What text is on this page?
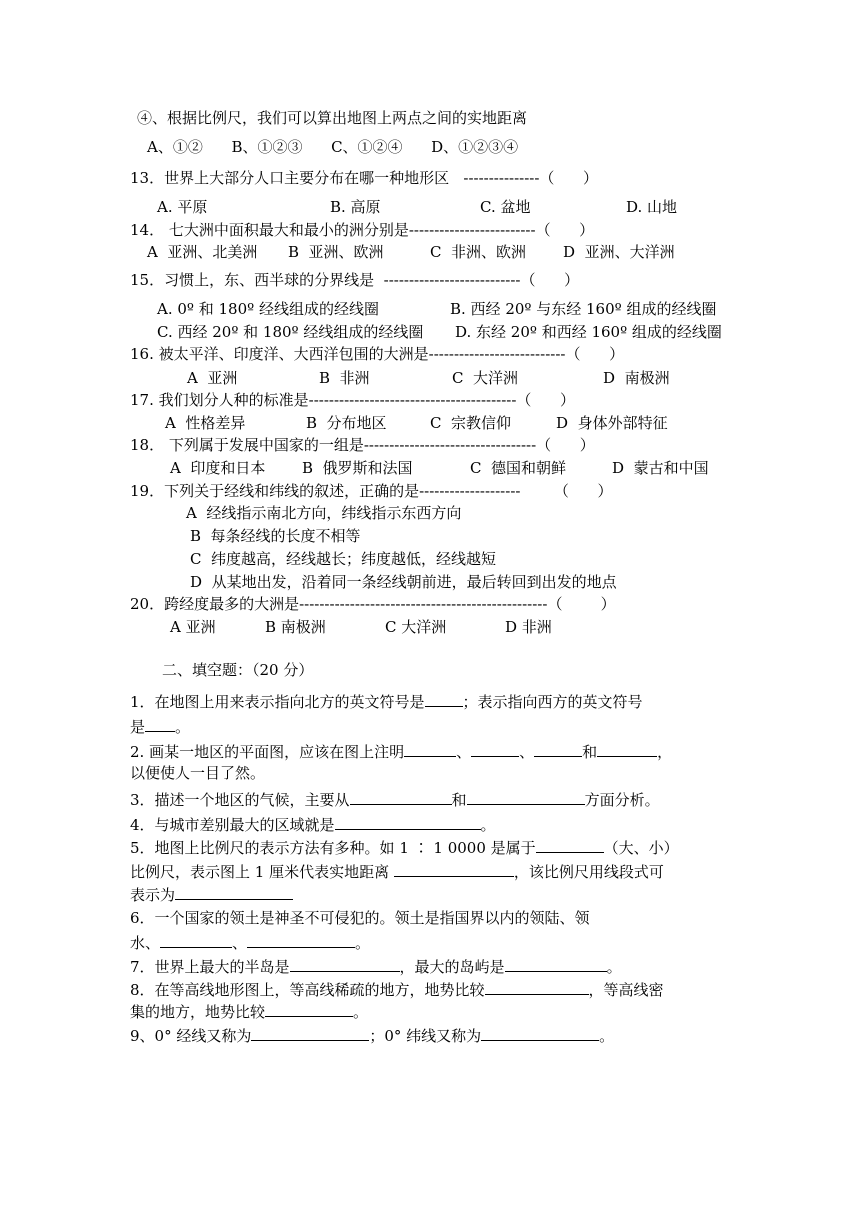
④、根据比例尺，我们可以算出地图上两点之间的实地距离
A、①②      B、①②③      C、①②④      D、①②③④
13．世界上大部分人口主要分布在哪一种地形区   ---------------（      ）
A. 平原	B. 高原	C. 盆地	D. 山地
14． 七大洲中面积最大和最小的洲分别是-------------------------（      ）
A  亚洲、北美洲 B  亚洲、欧洲	C  非洲、欧洲 D  亚洲、大洋洲
15．习惯上，东、西半球的分界线是  ---------------------------（      ）
A. 0º 和 180º 经线组成的经线圈	B. 西经 20º 与东经 160º 组成的经线圈
C. 西经 20º 和 180º 经线组成的经线圈 D. 东经 20º 和西经 160º 组成的经线圈
16. 被太平洋、印度洋、大西洋包围的大洲是---------------------------（      ）
A  亚洲	B  非洲	C  大洋洲	D  南极洲
17. 我们划分人种的标准是-----------------------------------------（      ）
A  性格差异	B  分布地区	C  宗教信仰	D  身体外部特征
18． 下列属于发展中国家的一组是----------------------------------（      ）
A  印度和日本 B  俄罗斯和法国	C  德国和朝鲜	D  蒙古和中国
19．下列关于经线和纬线的叙述，正确的是--------------------       （      ）
A  经线指示南北方向，纬线指示东西方向
B  每条经线的长度不相等
C  纬度越高，经线越长；纬度越低，经线越短
D  从某地出发，沿着同一条经线朝前进，最后转回到出发的地点
20．跨经度最多的大洲是-------------------------------------------------（        ）
A 亚洲	B 南极洲	C 大洋洲	D 非洲
二、填空题：（20 分）
1．在地图上用来表示指向北方的英文符号是	；表示指向西方的英文符号
是 。
2. 画某一地区的平面图，应该在图上注明	、	、	和	，
以便使人一目了然。
3．描述一个地区的气候，主要从	和	方面分析。
4．与城市差别最大的区域就是	。
5．地图上比例尺的表示方法有多种。如 1 ∶ 1 0000 是属于	（大、小）
比例尺，表示图上 1 厘米代表实地距离	，该比例尺用线段式可
表示为
6．一个国家的领土是神圣不可侵犯的。领土是指国界以内的领陆、领
水、	、	。
7．世界上最大的半岛是	，最大的岛屿是	。
8．在等高线地形图上，等高线稀疏的地方，地势比较	，等高线密
集的地方，地势比较	。
9、0° 经线又称为	；0° 纬线又称为	。
